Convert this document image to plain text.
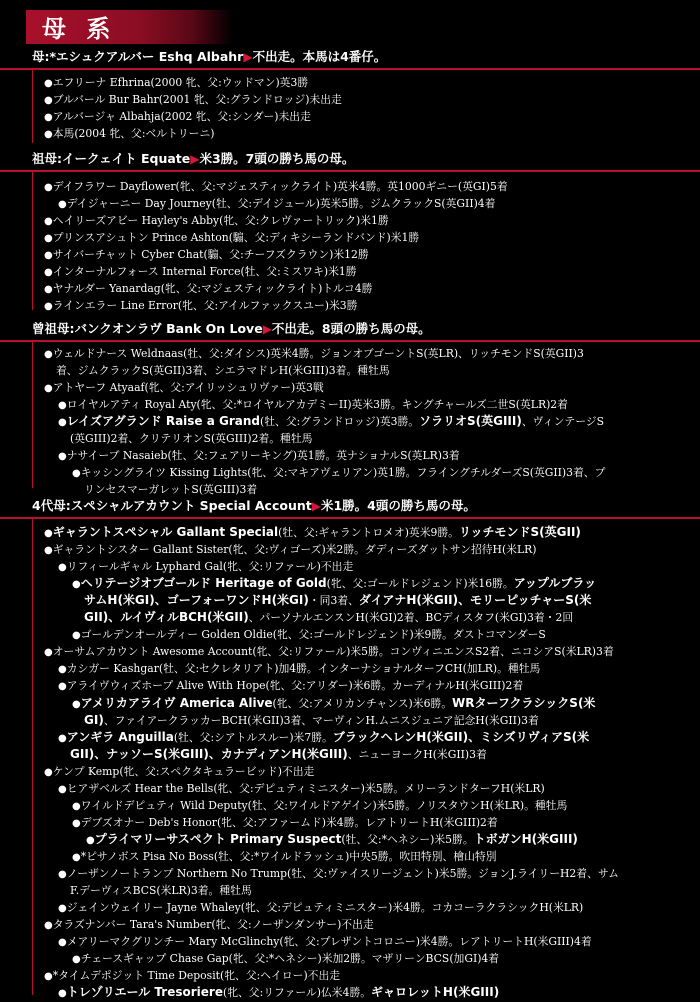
母 系
母:*エシュクアルバー Eshq Albahr▶不出走。本馬は4番仔。
●エフリーナ Efhrina(2000 牝、父:ウッドマン)英3勝
●ブルバール Bur Bahr(2001 牝、父:グランドロッジ)未出走
●アルバージャ Albahja(2002 牝、父:シンダー)未出走
●本馬(2004 牝、父:ベルトリーニ)
祖母:イークェイト Equate▶米3勝。7頭の勝ち馬の母。
●デイフラワー Dayflower(牝、父:マジェスティックライト)英米4勝。英1000ギニー(英GI)5着
●デイジャーニー Day Journey(牡、父:デイジュール)英米5勝。ジムクラックS(英GII)4着
●ヘイリーズアビー Hayley's Abby(牝、父:クレヴァートリック)米1勝
●プリンスアシュトン Prince Ashton(騸、父:ディキシーランドバンド)米1勝
●サイバーチャット Cyber Chat(騸、父:チーフズクラウン)米12勝
●インターナルフォース Internal Force(牡、父:ミスワキ)米1勝
●ヤナルダー Yanardag(牝、父:マジェスティックライト)トルコ4勝
●ラインエラー Line Error(牝、父:アイルファックスユー)米3勝
曾祖母:バンクオンラヴ Bank On Love▶不出走。8頭の勝ち馬の母。
●ウェルドナース Weldnaas(牡、父:ダイシス)英米4勝。ジョンオブゴーントS(英LR)、リッチモンドS(英GII)3
着、ジムクラックS(英GII)3着、シエラマドレH(米GIII)3着。種牡馬
●アトヤーフ Atyaaf(牝、父:アイリッシュリヴァー)英3戦
●ロイヤルアティ Royal Aty(牝、父:*ロイヤルアカデミーII)英米3勝。キングチャールズ二世S(英LR)2着
●レイズアグランド Raise a Grand(牡、父:グランドロッジ)英3勝。ソラリオS(英GIII)、ヴィンテージS
(英GIII)2着、クリテリオンS(英GIII)2着。種牡馬
●ナサイーブ Nasaieb(牡、父:フェアリーキング)英1勝。英ナショナルS(英LR)3着
●キッシングライツ Kissing Lights(牝、父:マキアヴェリアン)英1勝。フライングチルダーズS(英GII)3着、プ
リンセスマーガレットS(英GIII)3着
4代母:スペシャルアカウント Special Account▶米1勝。4頭の勝ち馬の母。
●ギャラントスペシャル Gallant Special(牡、父:ギャラントロメオ)英米9勝。リッチモンドS(英GII)
●ギャラントシスター Gallant Sister(牝、父:ヴィゴーズ)米2勝。ダディーズダットサン招待H(米LR)
●リフィールギャル Lyphard Gal(牝、父:リファール)不出走
●ヘリテージオブゴールド Heritage of Gold(牝、父:ゴールドレジェンド)米16勝。アップルブラッ
サムH(米GI)、ゴーフォーワンドH(米GI)・同3着、ダイアナH(米GII)、モリーピッチャーS(米
GII)、ルイヴィルBCH(米GII)、パーソナルエンスンH(米GI)2着、BCディスタフ(米GI)3着・2回
●ゴールデンオールディー Golden Oldie(牝、父:ゴールドレジェンド)米9勝。ダストコマンダーS
●オーサムアカウント Awesome Account(牝、父:リファール)米5勝。コンヴィニエンスS2着、ニコシアS(米LR)3着
●カシガー Kashgar(牡、父:セクレタリアト)加4勝。インターナショナルターフCH(加LR)。種牡馬
●アライヴウィズホープ Alive With Hope(牝、父:アリダー)米6勝。カーディナルH(米GIII)2着
●アメリカアライヴ America Alive(牝、父:アメリカンチャンス)米6勝。WRターフクラシックS(米
GI)、ファイアークラッカーBCH(米GII)3着、マーヴィンH.ムニスジュニア記念H(米GII)3着
●アンギラ Anguilla(牡、父:シアトルスルー)米7勝。ブラックヘレンH(米GII)、ミシズリヴィアS(米
GII)、ナッソーS(米GIII)、カナディアンH(米GIII)、ニューヨークH(米GII)3着
●ケンプ Kemp(牝、父:スペクタキュラービッド)不出走
●ヒアザベルズ Hear the Bells(牝、父:デピュティミニスター)米5勝。メリーランドターフH(米LR)
●ワイルドデピュティ Wild Deputy(牡、父:ワイルドアゲイン)米5勝。ノリスタウンH(米LR)。種牡馬
●デブズオナー Deb's Honor(牝、父:アファームド)米4勝。レアトリートH(米GIII)2着
●プライマリーサスペクト Primary Suspect(牡、父:*ヘネシー)米5勝。トボガンH(米GIII)
●*ピサノボス Pisa No Boss(牡、父:*ワイルドラッシュ)中央5勝。吹田特別、檜山特別
●ノーザンノートランプ Northern No Trump(牡、父:ヴァイスリージェント)米5勝。ジョンJ.ライリーH2着、サム
F.デーヴィスBCS(米LR)3着。種牡馬
●ジェインウェイリー Jayne Whaley(牝、父:デピュティミニスター)米4勝。コカコーラクラシックH(米LR)
●タラズナンバー Tara's Number(牝、父:ノーザンダンサー)不出走
●メアリーマクグリンチー Mary McGlinchy(牝、父:プレザントコロニー)米4勝。レアトリートH(米GIII)4着
●チェースギャップ Chase Gap(牝、父:*ヘネシー)米加2勝。マザリーンBCS(加GI)4着
●*タイムデポジット Time Deposit(牝、父:ヘイロー)不出走
●トレゾリエール Tresoriere(牝、父:リファール)仏米4勝。ギャロレットH(米GIII)
